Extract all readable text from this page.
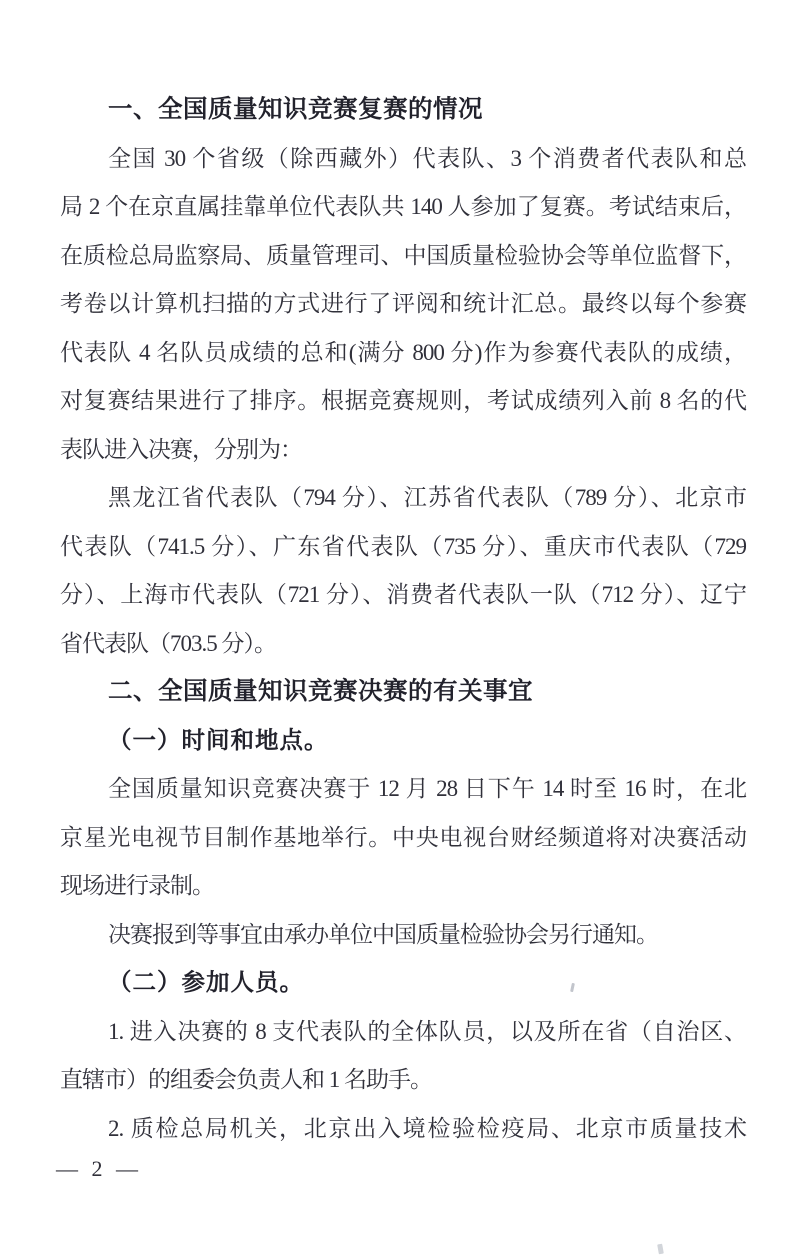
一、全国质量知识竞赛复赛的情况
全国 30 个省级（除西藏外）代表队、3 个消费者代表队和总
局 2 个在京直属挂靠单位代表队共 140 人参加了复赛。考试结束后，
在质检总局监察局、质量管理司、中国质量检验协会等单位监督下，
考卷以计算机扫描的方式进行了评阅和统计汇总。最终以每个参赛
代表队 4 名队员成绩的总和(满分 800 分)作为参赛代表队的成绩，
对复赛结果进行了排序。根据竞赛规则，考试成绩列入前 8 名的代
表队进入决赛，分别为：
黑龙江省代表队（794 分）、江苏省代表队（789 分）、北京市
代表队（741.5 分）、广东省代表队（735 分）、重庆市代表队（729
分）、上海市代表队（721 分）、消费者代表队一队（712 分）、辽宁
省代表队（703.5 分）。
二、全国质量知识竞赛决赛的有关事宜
（一）时间和地点。
全国质量知识竞赛决赛于 12 月 28 日下午 14 时至 16 时，在北
京星光电视节目制作基地举行。中央电视台财经频道将对决赛活动
现场进行录制。
决赛报到等事宜由承办单位中国质量检验协会另行通知。
（二）参加人员。
1. 进入决赛的 8 支代表队的全体队员，以及所在省（自治区、
直辖市）的组委会负责人和 1 名助手。
2. 质检总局机关，北京出入境检验检疫局、北京市质量技术
— 2 —
